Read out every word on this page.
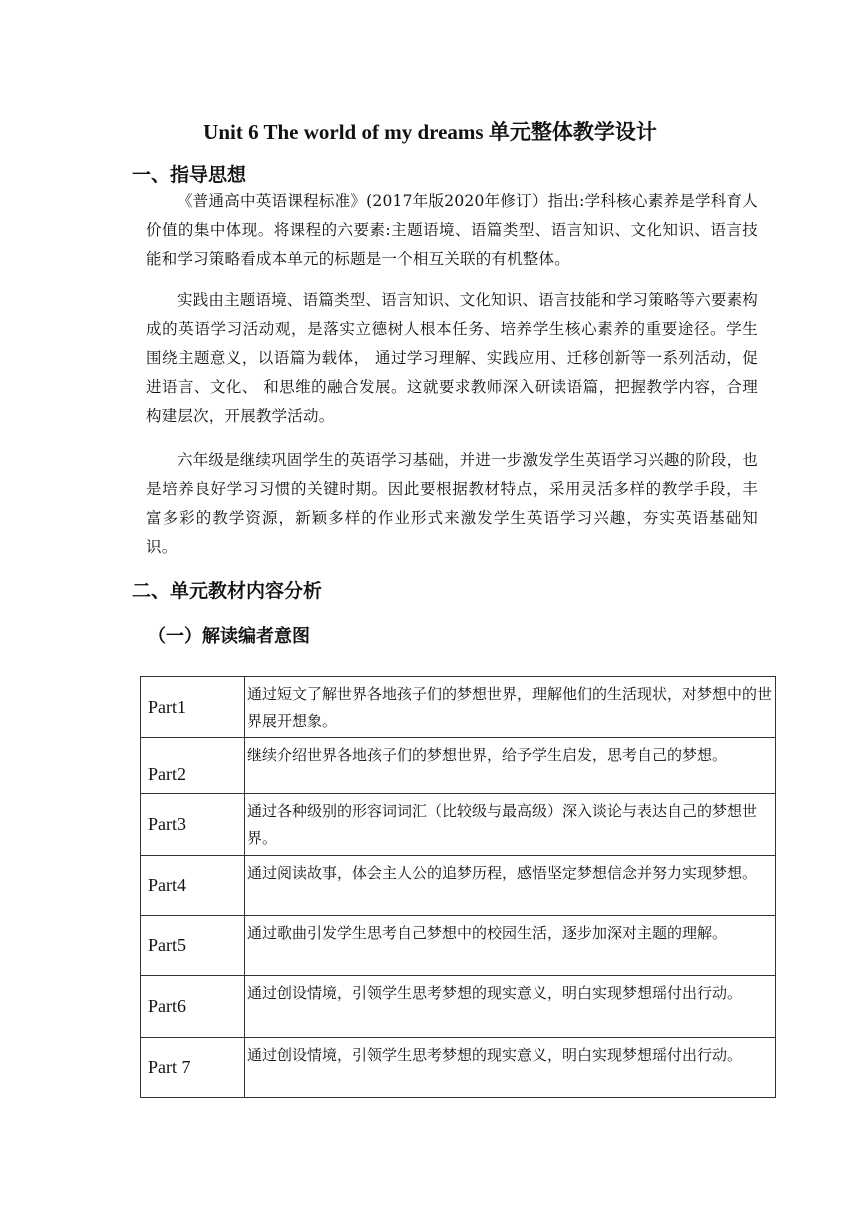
Unit 6 The world of my dreams 单元整体教学设计
一、指导思想

《普通高中英语课程标准》(2017年版2020年修订）指出:学科核心素养是学科育人价值的集中体现。将课程的六要素:主题语境、语篇类型、语言知识、文化知识、语言技能和学习策略看成本单元的标题是一个相互关联的有机整体。

实践由主题语境、语篇类型、语言知识、文化知识、语言技能和学习策略等六要素构成的英语学习活动观，是落实立德树人根本任务、培养学生核心素养的重要途径。学生围绕主题意义，以语篇为载体， 通过学习理解、实践应用、迁移创新等一系列活动，促进语言、文化、 和思维的融合发展。这就要求教师深入研读语篇，把握教学内容，合理构建层次，开展教学活动。

六年级是继续巩固学生的英语学习基础，并进一步激发学生英语学习兴趣的阶段，也是培养良好学习习惯的关键时期。因此要根据教材特点，采用灵活多样的教学手段，丰富多彩的教学资源，新颖多样的作业形式来激发学生英语学习兴趣，夯实英语基础知识。

二、单元教材内容分析
（一）解读编者意图
Part1	通过短文了解世界各地孩子们的梦想世界，理解他们的生活现状，对梦想中的世界展开想象。
Part2	继续介绍世界各地孩子们的梦想世界，给予学生启发，思考自己的梦想。
Part3	通过各种级别的形容词词汇（比较级与最高级）深入谈论与表达自己的梦想世界。
Part4	通过阅读故事，体会主人公的追梦历程，感悟坚定梦想信念并努力实现梦想。
Part5	通过歌曲引发学生思考自己梦想中的校园生活，逐步加深对主题的理解。
Part6	通过创设情境，引领学生思考梦想的现实意义，明白实现梦想瑶付出行动。
Part 7	通过创设情境，引领学生思考梦想的现实意义，明白实现梦想瑶付出行动。
